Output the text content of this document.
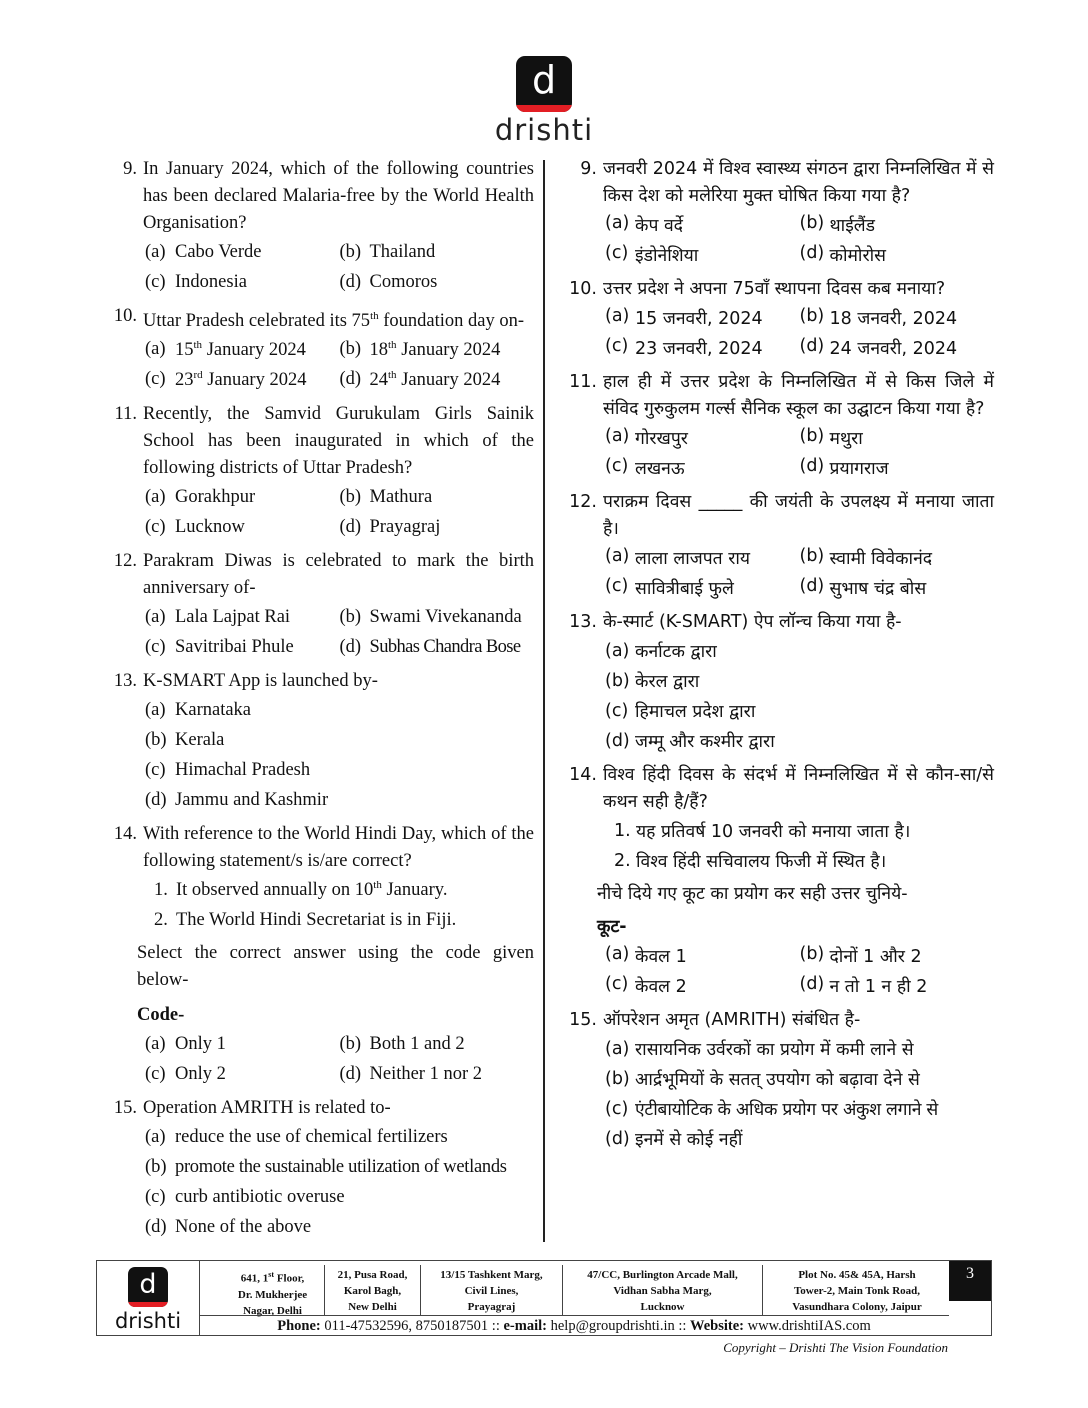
d
drishti
9. In January 2024, which of the following countries has been declared Malaria-free by the World Health Organisation?
(a) Cabo Verde	(b) Thailand
(c) Indonesia	(d) Comoros
10. Uttar Pradesh celebrated its 75th foundation day on-
(a) 15th January 2024 (b) 18th January 2024
(c) 23rd January 2024 (d) 24th January 2024
11. Recently, the Samvid Gurukulam Girls Sainik School has been inaugurated in which of the following districts of Uttar Pradesh?
(a) Gorakhpur	(b) Mathura
(c) Lucknow	(d) Prayagraj
12. Parakram Diwas is celebrated to mark the birth anniversary of-
(a) Lala Lajpat Rai	(b) Swami Vivekananda
(c) Savitribai Phule (d) Subhas Chandra Bose
13. K-SMART App is launched by-
(a) Karnataka
(b) Kerala
(c) Himachal Pradesh
(d) Jammu and Kashmir
14. With reference to the World Hindi Day, which of the following statement/s is/are correct?
1. It observed annually on 10th January.
2. The World Hindi Secretariat is in Fiji.
Select the correct answer using the code given below-
Code-
(a) Only 1	(b) Both 1 and 2
(c) Only 2	(d) Neither 1 nor 2
15. Operation AMRITH is related to-
(a) reduce the use of chemical fertilizers
(b) promote the sustainable utilization of wetlands
(c) curb antibiotic overuse
(d) None of the above
9. जनवरी 2024 में विश्व स्वास्थ्य संगठन द्वारा निम्नलिखित में से किस देश को मलेरिया मुक्त घोषित किया गया है?
(a) केप वर्दे	(b) थाईलैंड
(c) इंडोनेशिया	(d) कोमोरोस
10. उत्तर प्रदेश ने अपना 75वाँ स्थापना दिवस कब मनाया?
(a) 15 जनवरी, 2024 (b) 18 जनवरी, 2024
(c) 23 जनवरी, 2024 (d) 24 जनवरी, 2024
11. हाल ही में उत्तर प्रदेश के निम्नलिखित में से किस जिले में संविद गुरुकुलम गर्ल्स सैनिक स्कूल का उद्घाटन किया गया है?
(a) गोरखपुर	(b) मथुरा
(c) लखनऊ	(d) प्रयागराज
12. पराक्रम दिवस _____ की जयंती के उपलक्ष्य में मनाया जाता है।
(a) लाला लाजपत राय	(b) स्वामी विवेकानंद
(c) सावित्रीबाई फुले	(d) सुभाष चंद्र बोस
13. के-स्मार्ट (K-SMART) ऐप लॉन्च किया गया है-
(a) कर्नाटक द्वारा
(b) केरल द्वारा
(c) हिमाचल प्रदेश द्वारा
(d) जम्मू और कश्मीर द्वारा
14. विश्व हिंदी दिवस के संदर्भ में निम्नलिखित में से कौन-सा/से कथन सही है/हैं?
1. यह प्रतिवर्ष 10 जनवरी को मनाया जाता है।
2. विश्व हिंदी सचिवालय फिजी में स्थित है।
नीचे दिये गए कूट का प्रयोग कर सही उत्तर चुनिये-
कूट-
(a) केवल 1	(b) दोनों 1 और 2
(c) केवल 2	(d) न तो 1 न ही 2
15. ऑपरेशन अमृत (AMRITH) संबंधित है-
(a) रासायनिक उर्वरकों का प्रयोग में कमी लाने से
(b) आर्द्रभूमियों के सतत् उपयोग को बढ़ावा देने से
(c) एंटीबायोटिक के अधिक प्रयोग पर अंकुश लगाने से
(d) इनमें से कोई नहीं
d
drishti
641, 1st Floor,
Dr. Mukherjee
Nagar, Delhi
21, Pusa Road,
Karol Bagh,
New Delhi
13/15 Tashkent Marg,
Civil Lines,
Prayagraj
47/CC, Burlington Arcade Mall,
Vidhan Sabha Marg,
Lucknow
Plot No. 45& 45A, Harsh
Tower-2, Main Tonk Road,
Vasundhara Colony, Jaipur
3
Phone: 011-47532596, 8750187501 :: e-mail: help@groupdrishti.in :: Website: www.drishtiIAS.com
Copyright – Drishti The Vision Foundation
